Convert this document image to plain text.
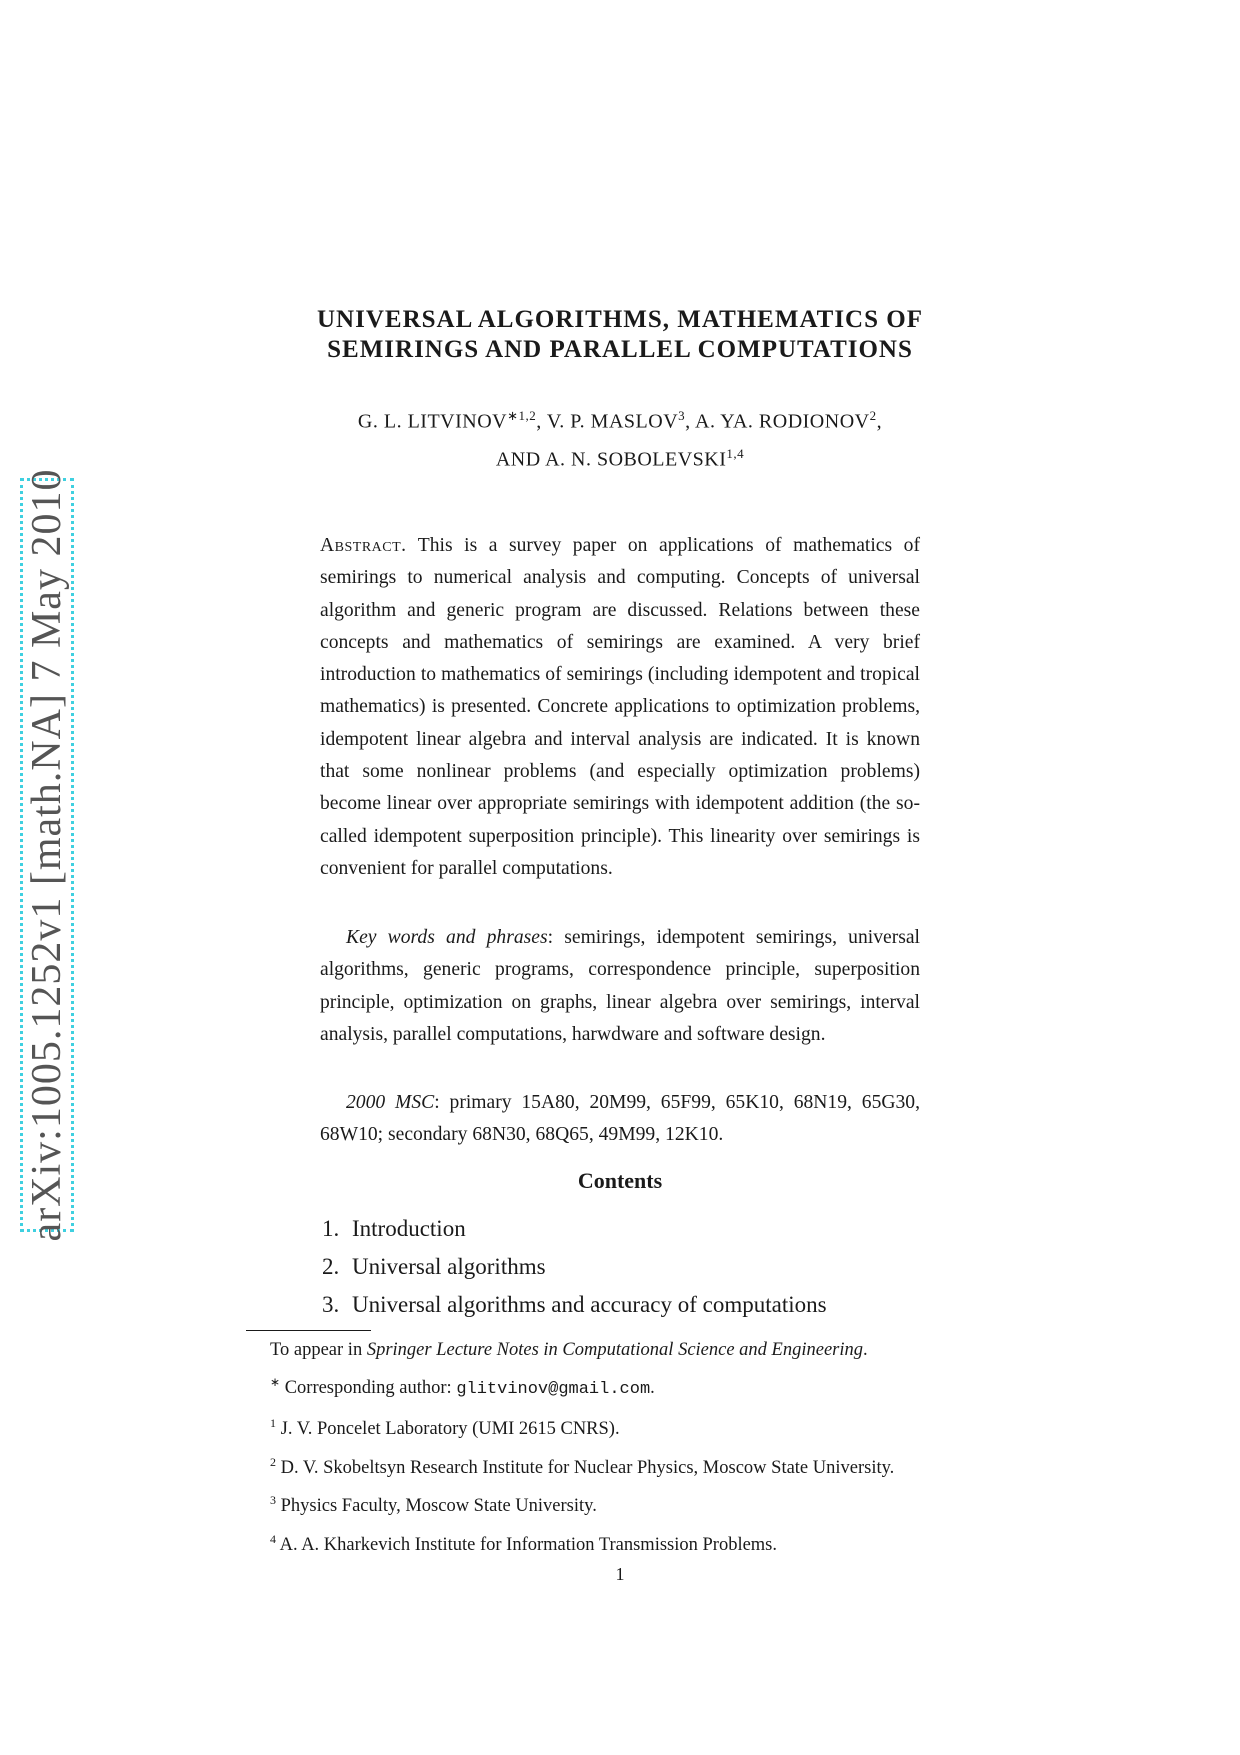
arXiv:1005.1252v1 [math.NA] 7 May 2010
UNIVERSAL ALGORITHMS, MATHEMATICS OF
SEMIRINGS AND PARALLEL COMPUTATIONS
G. L. $LITVINOV^{∗1,2}$, V. P. MASLOV$^3$, A. YA. RODIONOV$^2$,
AND A. N. SOBOLEVSKI$^{1,4}$
Abstract. This is a survey paper on applications of mathematics of semirings to numerical analysis and computing. Concepts of universal algorithm and generic program are discussed. Relations between these concepts and mathematics of semirings are examined. A very brief introduction to mathematics of semirings (including idempotent and tropical mathematics) is presented. Concrete applications to optimization problems, idempotent linear algebra and interval analysis are indicated. It is known that some nonlinear problems (and especially optimization problems) become linear over appropriate semirings with idempotent addition (the so-called idempotent superposition principle). This linearity over semirings is convenient for parallel computations.

Key words and phrases: semirings, idempotent semirings, universal algorithms, generic programs, correspondence principle, superposition principle, optimization on graphs, linear algebra over semirings, interval analysis, parallel computations, harwdware and software design.

2000 MSC: primary 15A80, 20M99, 65F99, 65K10, 68N19, 65G30, 68W10; secondary 68N30, 68Q65, 49M99, 12K10.

Contents
1. Introduction
2. Universal algorithms
3. Universal algorithms and accuracy of computations

To appear in Springer Lecture Notes in Computational Science and Engineering.

∗ Corresponding author: glitvinov@gmail.com.

$^1$ J. V. Poncelet Laboratory (UMI 2615 CNRS).

$^2$ D. V. Skobeltsyn Research Institute for Nuclear Physics, Moscow State University.

$^3$ Physics Faculty, Moscow State University.

$^4$ A. A. Kharkevich Institute for Information Transmission Problems.

1
